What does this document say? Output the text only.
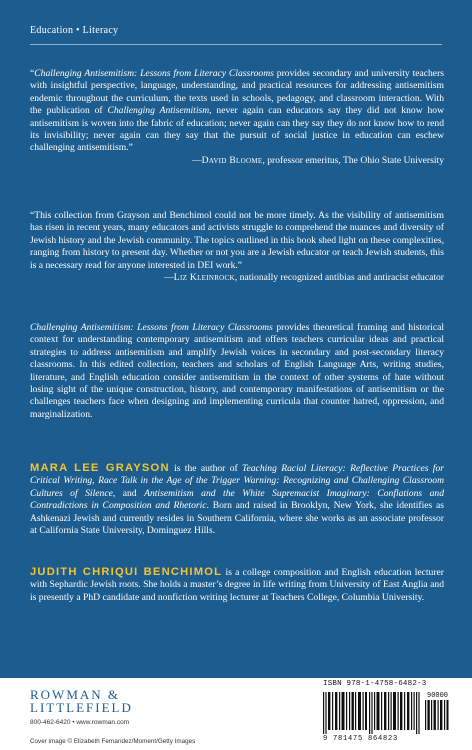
Education • Literacy

“Challenging Antisemitism: Lessons from Literacy Classrooms provides secondary and university teachers with insightful perspective, language, understanding, and practical resources for addressing antisemitism endemic throughout the curriculum, the texts used in schools, pedagogy, and classroom interaction. With the publication of Challenging Antisemitism, never again can educators say they did not know how antisemitism is woven into the fabric of education; never again can they say they do not know how to rend its invisibility; never again can they say that the pursuit of social justice in education can eschew challenging antisemitism.”

—David Bloome, professor emeritus, The Ohio State University

“This collection from Grayson and Benchimol could not be more timely. As the visibility of antisemitism has risen in recent years, many educators and activists struggle to comprehend the nuances and diversity of Jewish history and the Jewish community. The topics outlined in this book shed light on these complexities, ranging from history to present day. Whether or not you are a Jewish educator or teach Jewish students, this is a necessary read for anyone interested in DEI work.”

—Liz Kleinrock, nationally recognized antibias and antiracist educator

Challenging Antisemitism: Lessons from Literacy Classrooms provides theoretical framing and historical context for understanding contemporary antisemitism and offers teachers curricular ideas and practical strategies to address antisemitism and amplify Jewish voices in secondary and post-secondary literacy classrooms. In this edited collection, teachers and scholars of English Language Arts, writing studies, literature, and English education consider antisemitism in the context of other systems of hate without losing sight of the unique construction, history, and contemporary manifestations of antisemitism or the challenges teachers face when designing and implementing curricula that counter hatred, oppression, and marginalization.

MARA LEE GRAYSON is the author of Teaching Racial Literacy: Reflective Practices for Critical Writing, Race Talk in the Age of the Trigger Warning: Recognizing and Challenging Classroom Cultures of Silence, and Antisemitism and the White Supremacist Imaginary: Conflations and Contradictions in Composition and Rhetoric. Born and raised in Brooklyn, New York, she identifies as Ashkenazi Jewish and currently resides in Southern California, where she works as an associate professor at California State University, Dominguez Hills.
JUDITH CHRIQUI BENCHIMOL is a college composition and English education lecturer with Sephardic Jewish roots. She holds a master’s degree in life writing from University of East Anglia and is presently a PhD candidate and nonfiction writing lecturer at Teachers College, Columbia University.
ROWMAN &
LITTLEFIELD
800-462-6420 • www.rowman.com
Cover image © Elizabeth Fernandez/Moment/Getty Images
ISBN 978-1-4758-6482-3
90000
9 781475 864823
